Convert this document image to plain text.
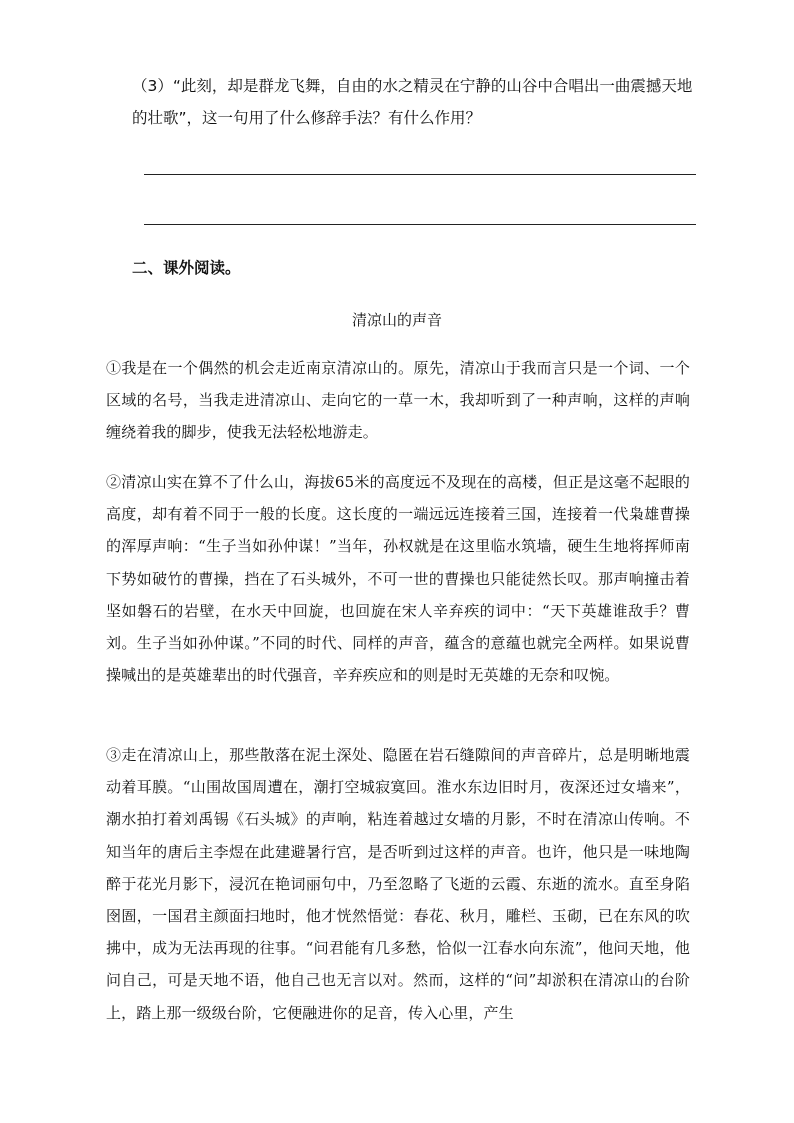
（3）“此刻，却是群龙飞舞，自由的水之精灵在宁静的山谷中合唱出一曲震撼天地的壮歌”，这一句用了什么修辞手法？有什么作用？
二、课外阅读。
清凉山的声音
①我是在一个偶然的机会走近南京清凉山的。原先，清凉山于我而言只是一个词、一个区域的名号，当我走进清凉山、走向它的一草一木，我却听到了一种声响，这样的声响缠绕着我的脚步，使我无法轻松地游走。
②清凉山实在算不了什么山，海拔65米的高度远不及现在的高楼，但正是这毫不起眼的高度，却有着不同于一般的长度。这长度的一端远远连接着三国，连接着一代枭雄曹操的浑厚声响：“生子当如孙仲谋！”当年，孙权就是在这里临水筑墙，硬生生地将挥师南下势如破竹的曹操，挡在了石头城外，不可一世的曹操也只能徒然长叹。那声响撞击着坚如磐石的岩壁，在水天中回旋，也回旋在宋人辛弃疾的词中：“天下英雄谁敌手？曹刘。生子当如孙仲谋。”不同的时代、同样的声音，蕴含的意蕴也就完全两样。如果说曹操喊出的是英雄辈出的时代强音，辛弃疾应和的则是时无英雄的无奈和叹惋。
③走在清凉山上，那些散落在泥土深处、隐匿在岩石缝隙间的声音碎片，总是明晰地震动着耳膜。“山围故国周遭在，潮打空城寂寞回。淮水东边旧时月，夜深还过女墙来”，潮水拍打着刘禹锡《石头城》的声响，粘连着越过女墙的月影，不时在清凉山传响。不知当年的唐后主李煜在此建避暑行宫，是否听到过这样的声音。也许，他只是一味地陶醉于花光月影下，浸沉在艳词丽句中，乃至忽略了飞逝的云霞、东逝的流水。直至身陷囹圄，一国君主颜面扫地时，他才恍然悟觉：春花、秋月，雕栏、玉砌，已在东风的吹拂中，成为无法再现的往事。“问君能有几多愁，恰似一江春水向东流”，他问天地，他问自己，可是天地不语，他自己也无言以对。然而，这样的“问”却淤积在清凉山的台阶上，踏上那一级级台阶，它便融进你的足音，传入心里，产生
